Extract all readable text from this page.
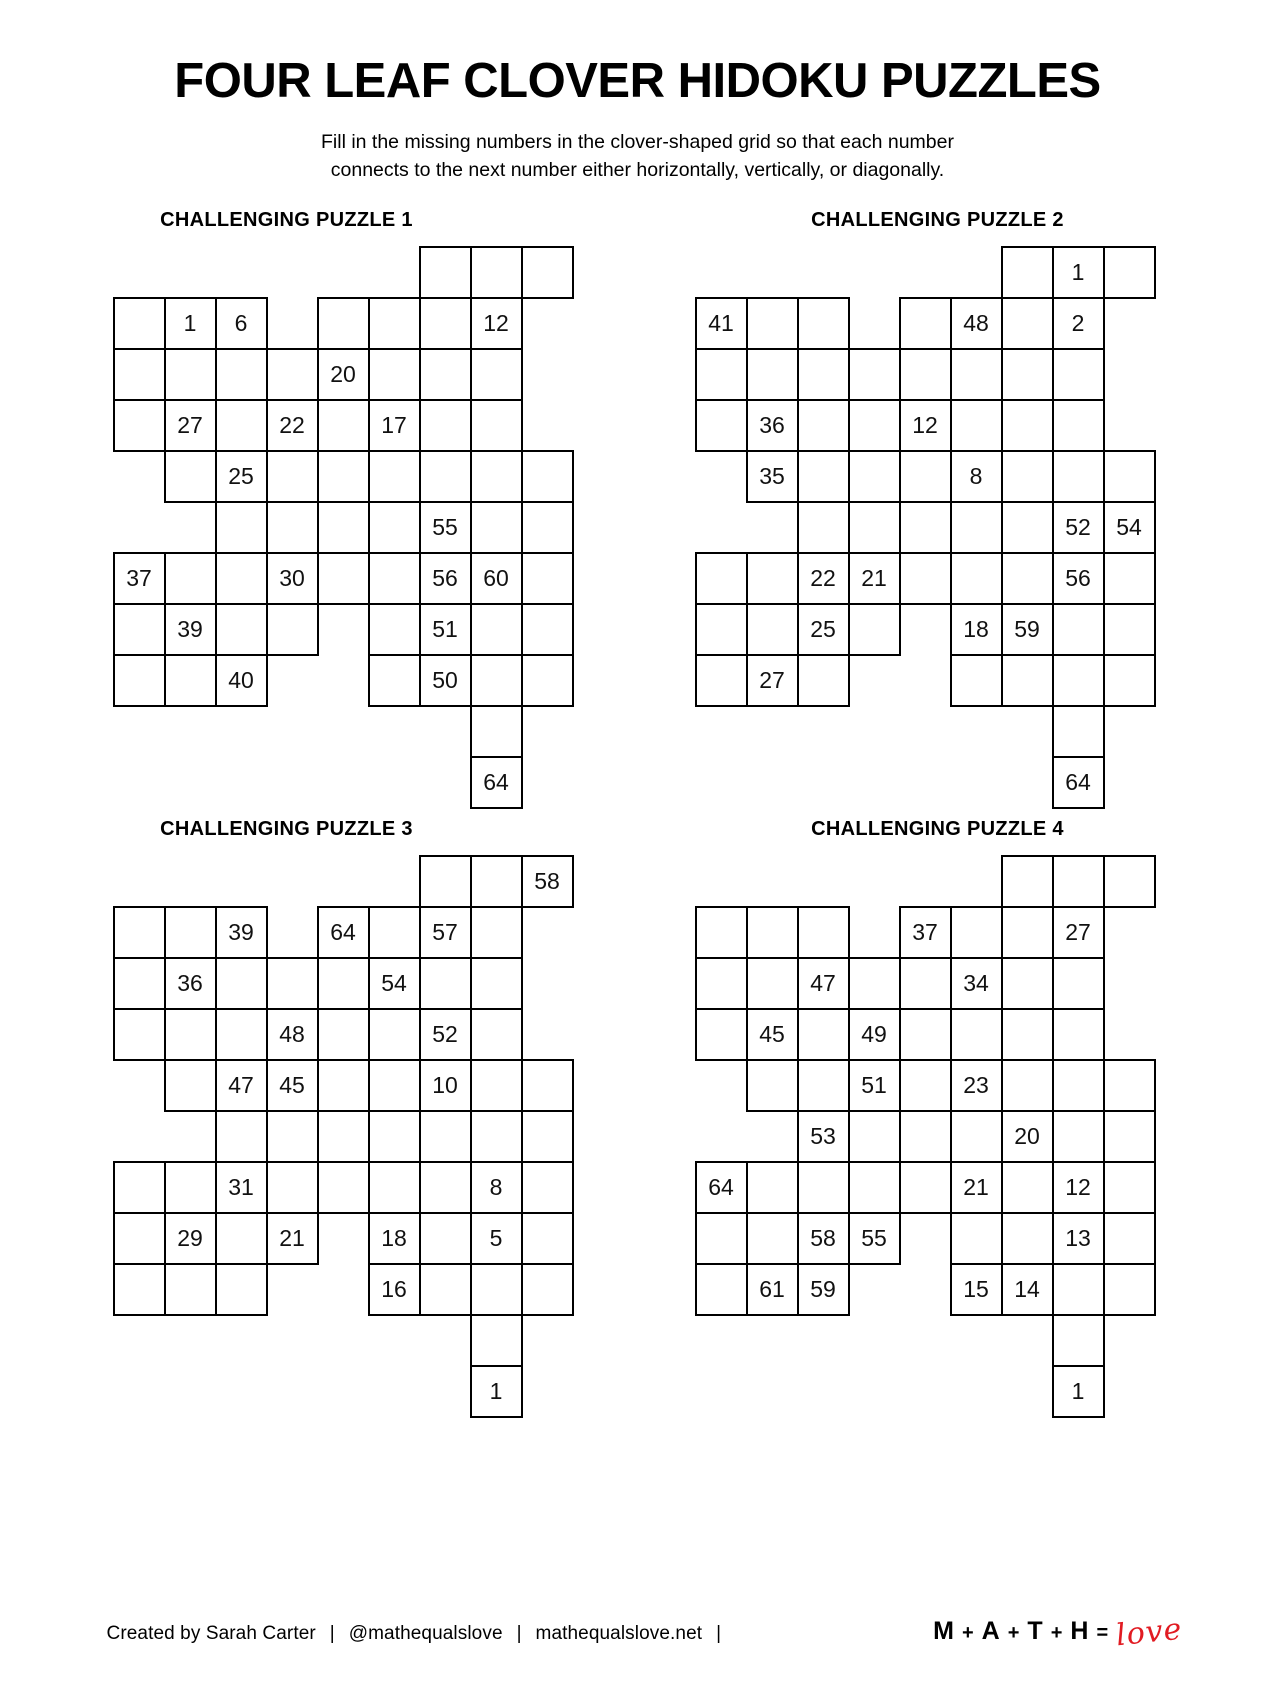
FOUR LEAF CLOVER HIDOKU PUZZLES
Fill in the missing numbers in the clover-shaped grid so that each number
connects to the next number either horizontally, vertically, or diagonally.
CHALLENGING PUZZLE 1
1	6	12
20
27	22	17
25
55
37	30	56	60
39	51
40	50
64
CHALLENGING PUZZLE 2
1
41	48	2
36	12
35	8
52	54
22	21	56
25	18	59
27
64
CHALLENGING PUZZLE 3
58
39	64	57
36	54
48	52
47	45	10
31	8
29	21	18	5
16
1
CHALLENGING PUZZLE 4
37	27
47	34
45	49
51	23
53	20
64	21	12
58	55	13
61	59	15	14
1
Created by Sarah Carter | @mathequalslove | mathequalslove.net |	M + A + T + H = love
